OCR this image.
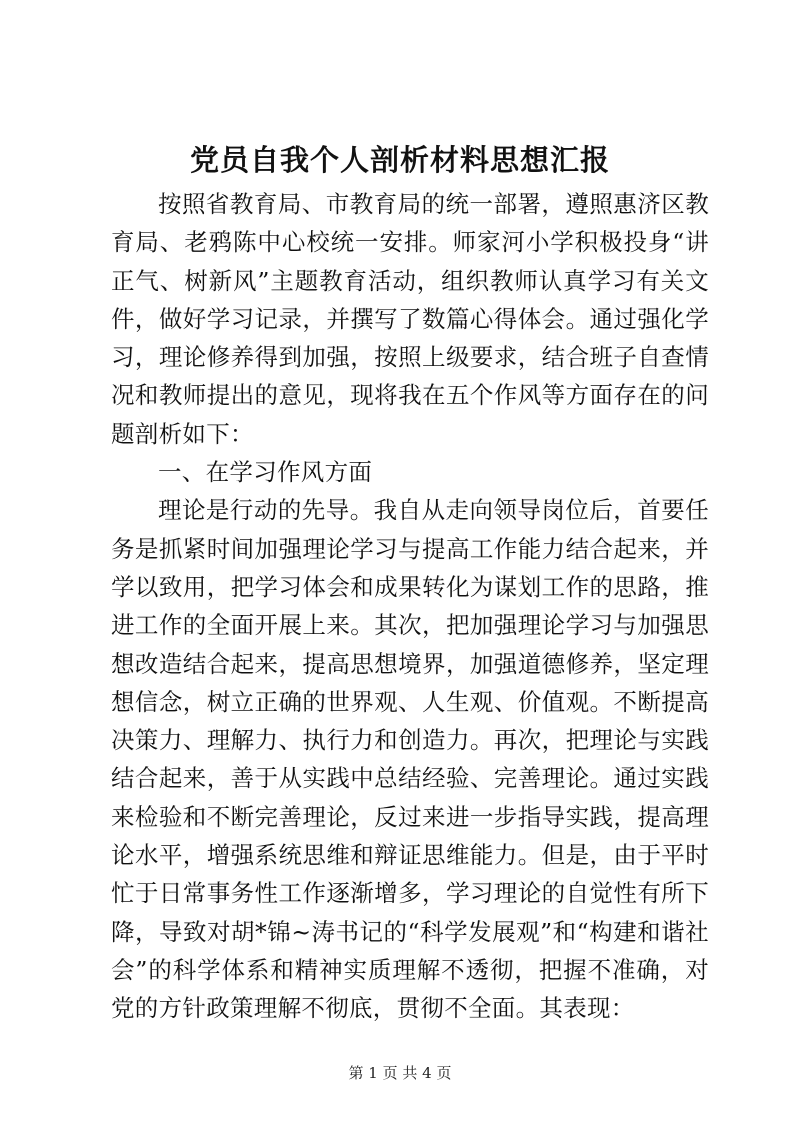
党员自我个人剖析材料思想汇报

按照省教育局、市教育局的统一部署，遵照惠济区教育局、老鸦陈中心校统一安排。师家河小学积极投身“讲正气、树新风”主题教育活动，组织教师认真学习有关文件，做好学习记录，并撰写了数篇心得体会。通过强化学习，理论修养得到加强，按照上级要求，结合班子自查情况和教师提出的意见，现将我在五个作风等方面存在的问题剖析如下：

一、在学习作风方面

理论是行动的先导。我自从走向领导岗位后，首要任务是抓紧时间加强理论学习与提高工作能力结合起来，并学以致用，把学习体会和成果转化为谋划工作的思路，推进工作的全面开展上来。其次，把加强理论学习与加强思想改造结合起来，提高思想境界，加强道德修养，坚定理想信念，树立正确的世界观、人生观、价值观。不断提高决策力、理解力、执行力和创造力。再次，把理论与实践结合起来，善于从实践中总结经验、完善理论。通过实践来检验和不断完善理论，反过来进一步指导实践，提高理论水平，增强系统思维和辩证思维能力。但是，由于平时忙于日常事务性工作逐渐增多，学习理论的自觉性有所下降，导致对胡*锦~涛书记的“科学发展观”和“构建和谐社会”的科学体系和精神实质理解不透彻，把握不准确，对党的方针政策理解不彻底，贯彻不全面。其表现：

第 1 页 共 4 页
